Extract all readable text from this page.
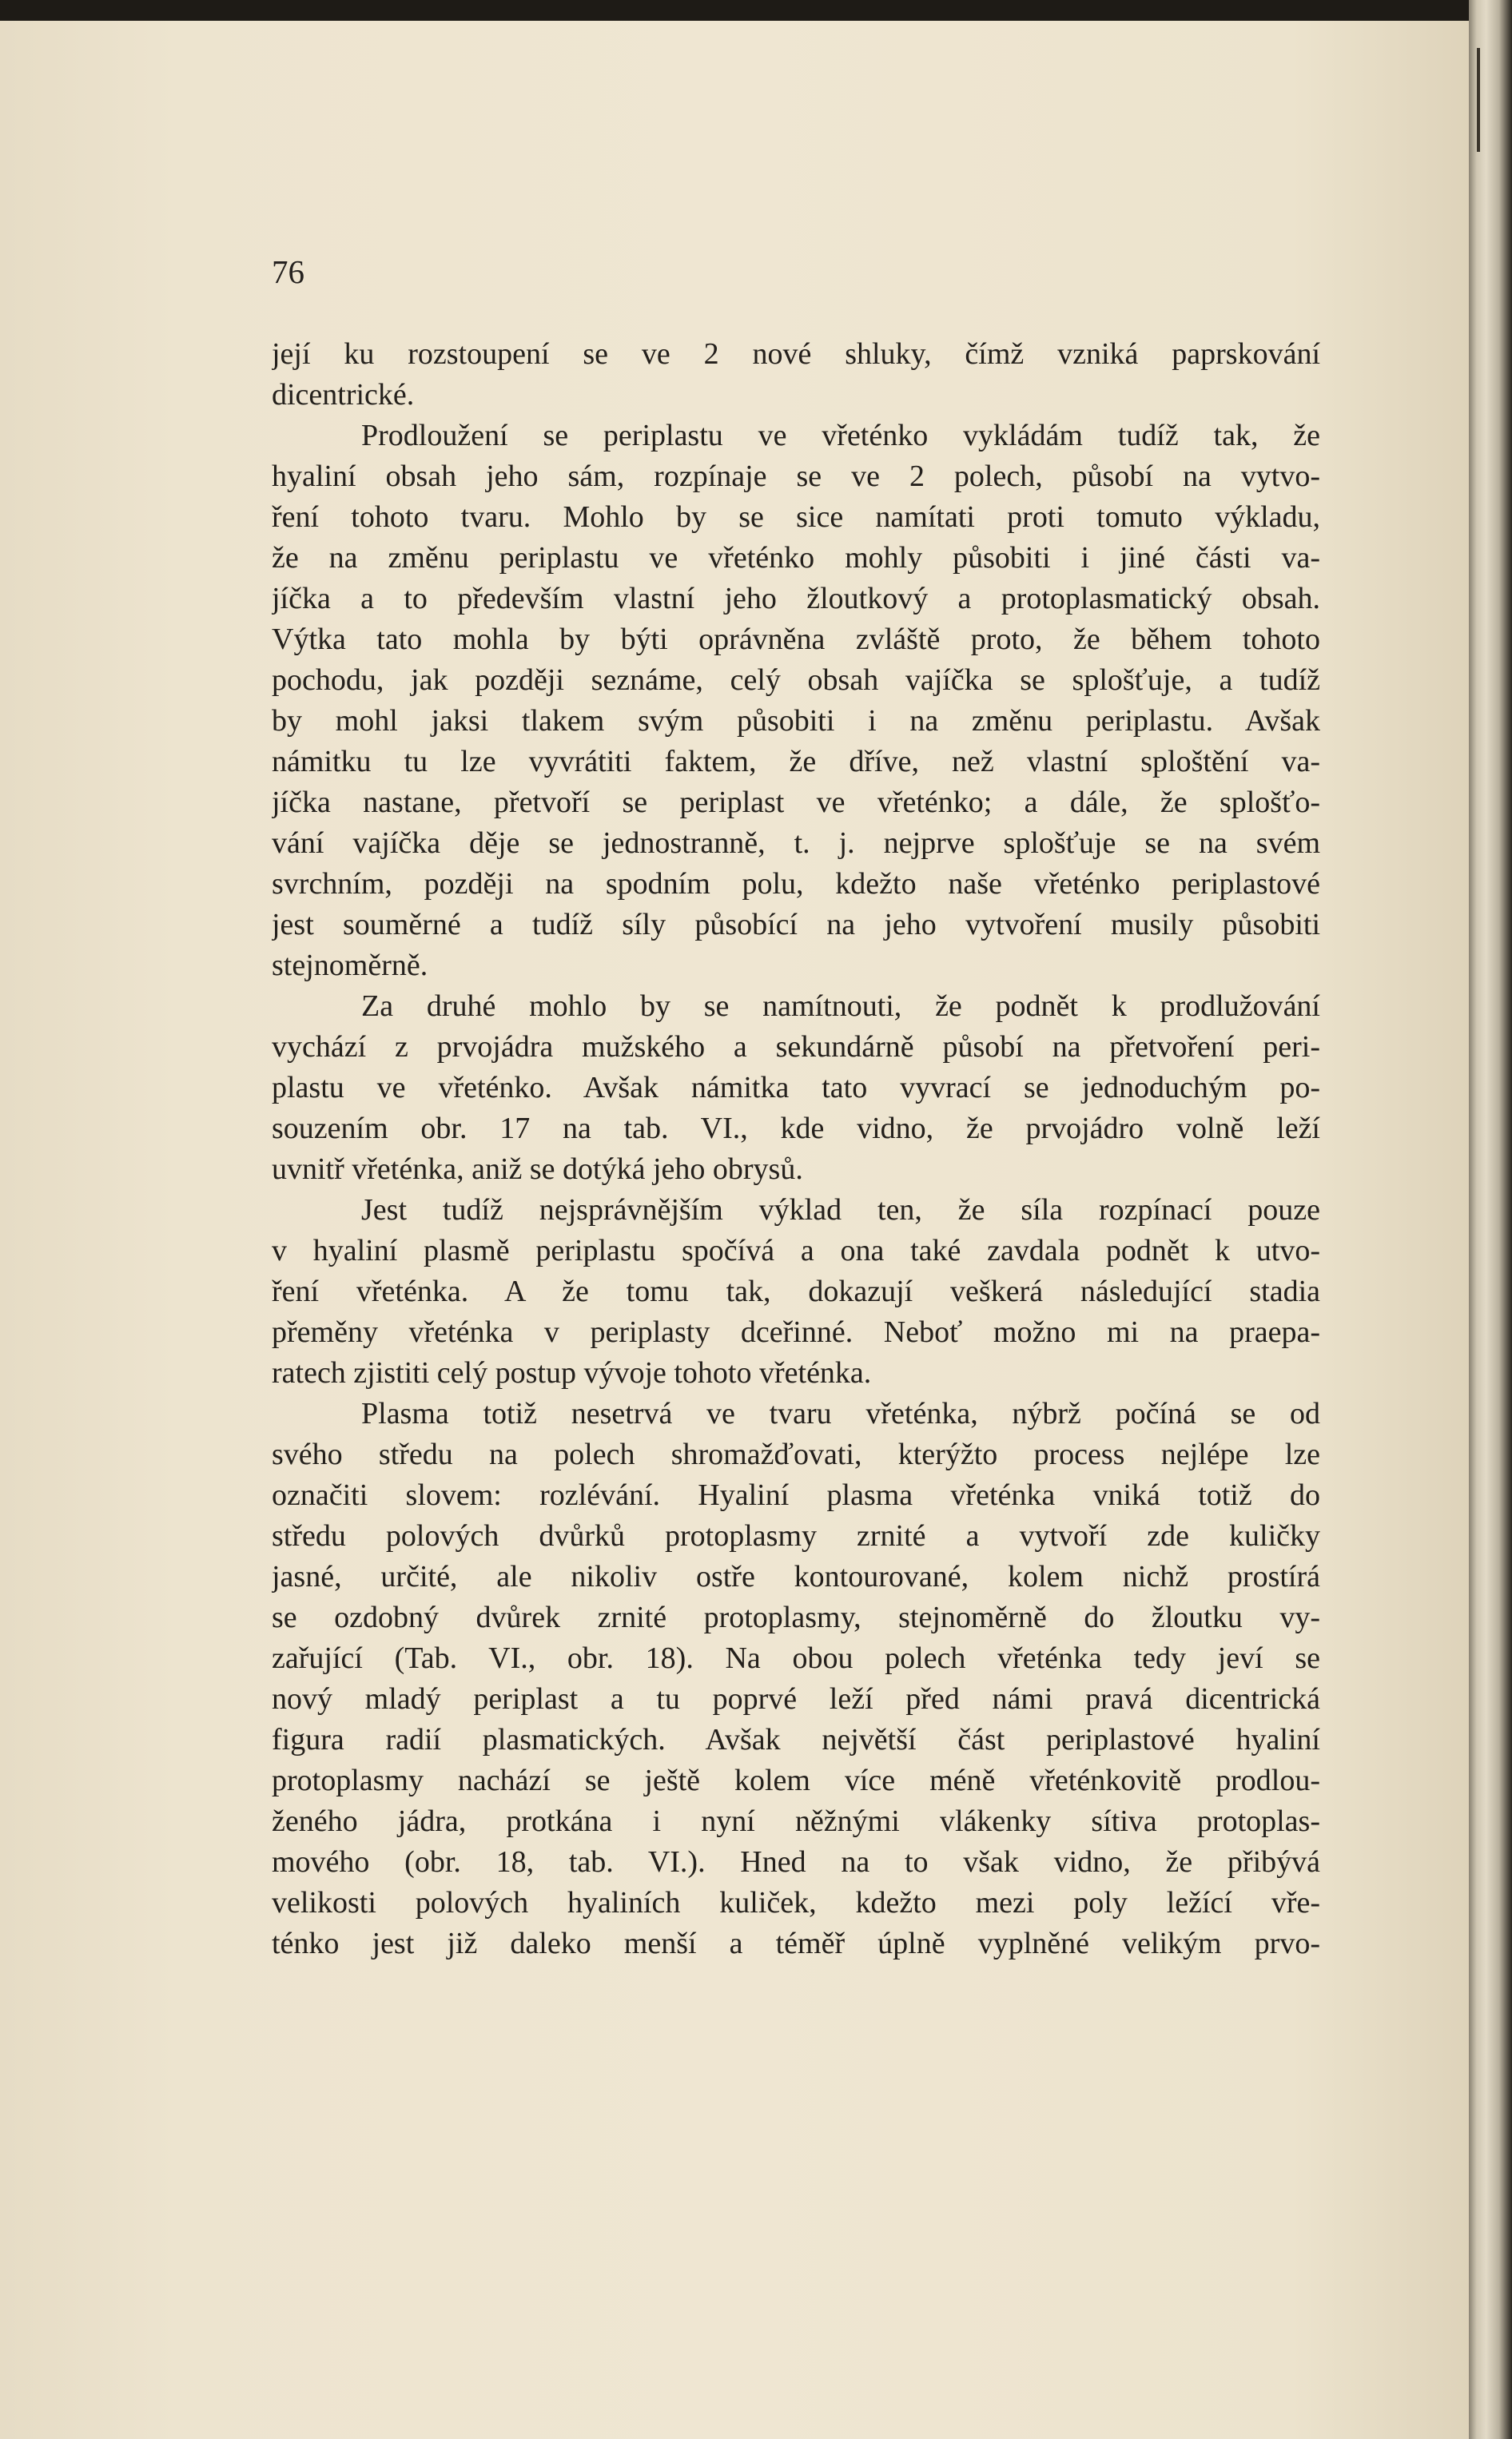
76
její ku rozstoupení se ve 2 nové shluky, čímž vzniká paprskování
dicentrické.
Prodloužení se periplastu ve vřeténko vykládám tudíž tak, že
hyaliní obsah jeho sám, rozpínaje se ve 2 polech, působí na vytvo-
ření tohoto tvaru. Mohlo by se sice namítati proti tomuto výkladu,
že na změnu periplastu ve vřeténko mohly působiti i jiné části va-
jíčka a to především vlastní jeho žloutkový a protoplasmatický obsah.
Výtka tato mohla by býti oprávněna zvláště proto, že během tohoto
pochodu, jak později seznáme, celý obsah vajíčka se splošťuje, a tudíž
by mohl jaksi tlakem svým působiti i na změnu periplastu. Avšak
námitku tu lze vyvrátiti faktem, že dříve, než vlastní sploštění va-
jíčka nastane, přetvoří se periplast ve vřeténko; a dále, že splošťo-
vání vajíčka děje se jednostranně, t. j. nejprve splošťuje se na svém
svrchním, později na spodním polu, kdežto naše vřeténko periplastové
jest souměrné a tudíž síly působící na jeho vytvoření musily působiti
stejnoměrně.
Za druhé mohlo by se namítnouti, že podnět k prodlužování
vychází z prvojádra mužského a sekundárně působí na přetvoření peri-
plastu ve vřeténko. Avšak námitka tato vyvrací se jednoduchým po-
souzením obr. 17 na tab. VI., kde vidno, že prvojádro volně leží
uvnitř vřeténka, aniž se dotýká jeho obrysů.
Jest tudíž nejsprávnějším výklad ten, že síla rozpínací pouze
v hyaliní plasmě periplastu spočívá a ona také zavdala podnět k utvo-
ření vřeténka. A že tomu tak, dokazují veškerá následující stadia
přeměny vřeténka v periplasty dceřinné. Neboť možno mi na praepa-
ratech zjistiti celý postup vývoje tohoto vřeténka.
Plasma totiž nesetrvá ve tvaru vřeténka, nýbrž počíná se od
svého středu na polech shromažďovati, kterýžto process nejlépe lze
označiti slovem: rozlévání. Hyaliní plasma vřeténka vniká totiž do
středu polových dvůrků protoplasmy zrnité a vytvoří zde kuličky
jasné, určité, ale nikoliv ostře kontourované, kolem nichž prostírá
se ozdobný dvůrek zrnité protoplasmy, stejnoměrně do žloutku vy-
zařující (Tab. VI., obr. 18). Na obou polech vřeténka tedy jeví se
nový mladý periplast a tu poprvé leží před námi pravá dicentrická
figura radií plasmatických. Avšak největší část periplastové hyaliní
protoplasmy nachází se ještě kolem více méně vřeténkovitě prodlou-
ženého jádra, protkána i nyní něžnými vlákenky sítiva protoplas-
mového (obr. 18, tab. VI.). Hned na to však vidno, že přibývá
velikosti polových hyaliních kuliček, kdežto mezi poly ležící vře-
ténko jest již daleko menší a téměř úplně vyplněné velikým prvo-
